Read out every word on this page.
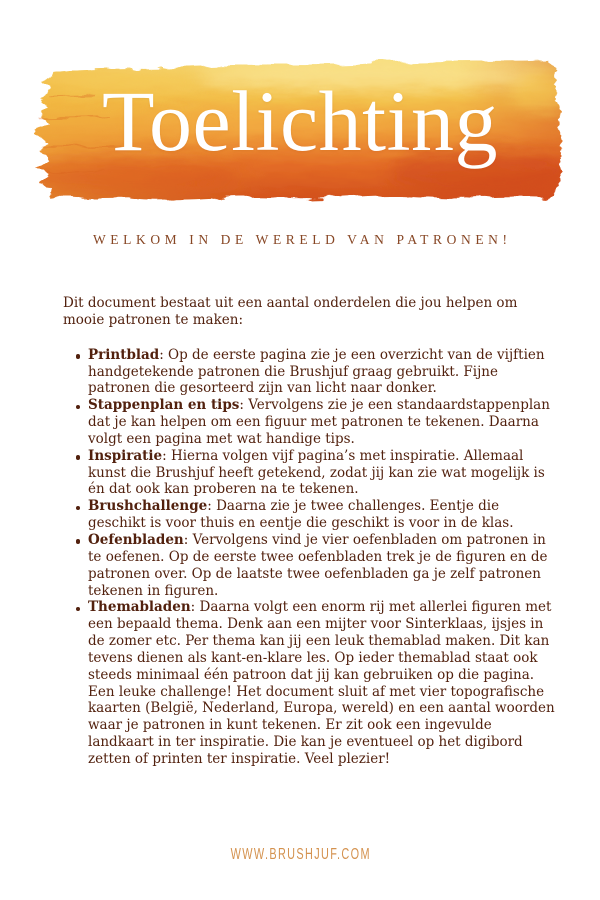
Toelichting

WELKOM IN DE WERELD VAN PATRONEN!

Dit document bestaat uit een aantal onderdelen die jou helpen om mooie patronen te maken:

Printblad: Op de eerste pagina zie je een overzicht van de vijftien handgetekende patronen die Brushjuf graag gebruikt. Fijne patronen die gesorteerd zijn van licht naar donker.
Stappenplan en tips: Vervolgens zie je een standaardstappenplan dat je kan helpen om een figuur met patronen te tekenen. Daarna volgt een pagina met wat handige tips.
Inspiratie: Hierna volgen vijf pagina’s met inspiratie. Allemaal kunst die Brushjuf heeft getekend, zodat jij kan zie wat mogelijk is én dat ook kan proberen na te tekenen.
Brushchallenge: Daarna zie je twee challenges. Eentje die geschikt is voor thuis en eentje die geschikt is voor in de klas.
Oefenbladen: Vervolgens vind je vier oefenbladen om patronen in te oefenen. Op de eerste twee oefenbladen trek je de figuren en de patronen over. Op de laatste twee oefenbladen ga je zelf patronen tekenen in figuren.
Themabladen: Daarna volgt een enorm rij met allerlei figuren met een bepaald thema. Denk aan een mijter voor Sinterklaas, ijsjes in de zomer etc. Per thema kan jij een leuk themablad maken. Dit kan tevens dienen als kant-en-klare les. Op ieder themablad staat ook steeds minimaal één patroon dat jij kan gebruiken op die pagina. Een leuke challenge! Het document sluit af met vier topografische kaarten (België, Nederland, Europa, wereld) en een aantal woorden waar je patronen in kunt tekenen. Er zit ook een ingevulde landkaart in ter inspiratie. Die kan je eventueel op het digibord zetten of printen ter inspiratie. Veel plezier!
WWW.BRUSHJUF.COM
